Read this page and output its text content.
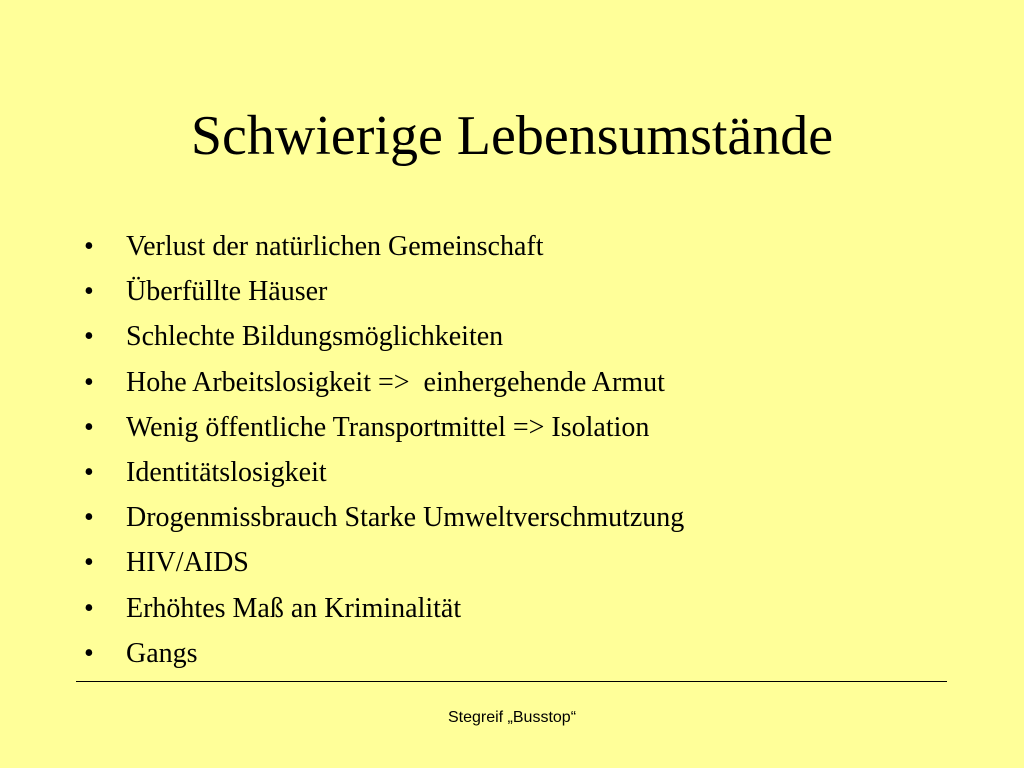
Schwierige Lebensumstände
• Verlust der natürlichen Gemeinschaft
• Überfüllte Häuser
• Schlechte Bildungsmöglichkeiten
• Hohe Arbeitslosigkeit =>  einhergehende Armut
• Wenig öffentliche Transportmittel => Isolation
• Identitätslosigkeit
• Drogenmissbrauch Starke Umweltverschmutzung
• HIV/AIDS
• Erhöhtes Maß an Kriminalität
• Gangs
Stegreif „Busstop“
